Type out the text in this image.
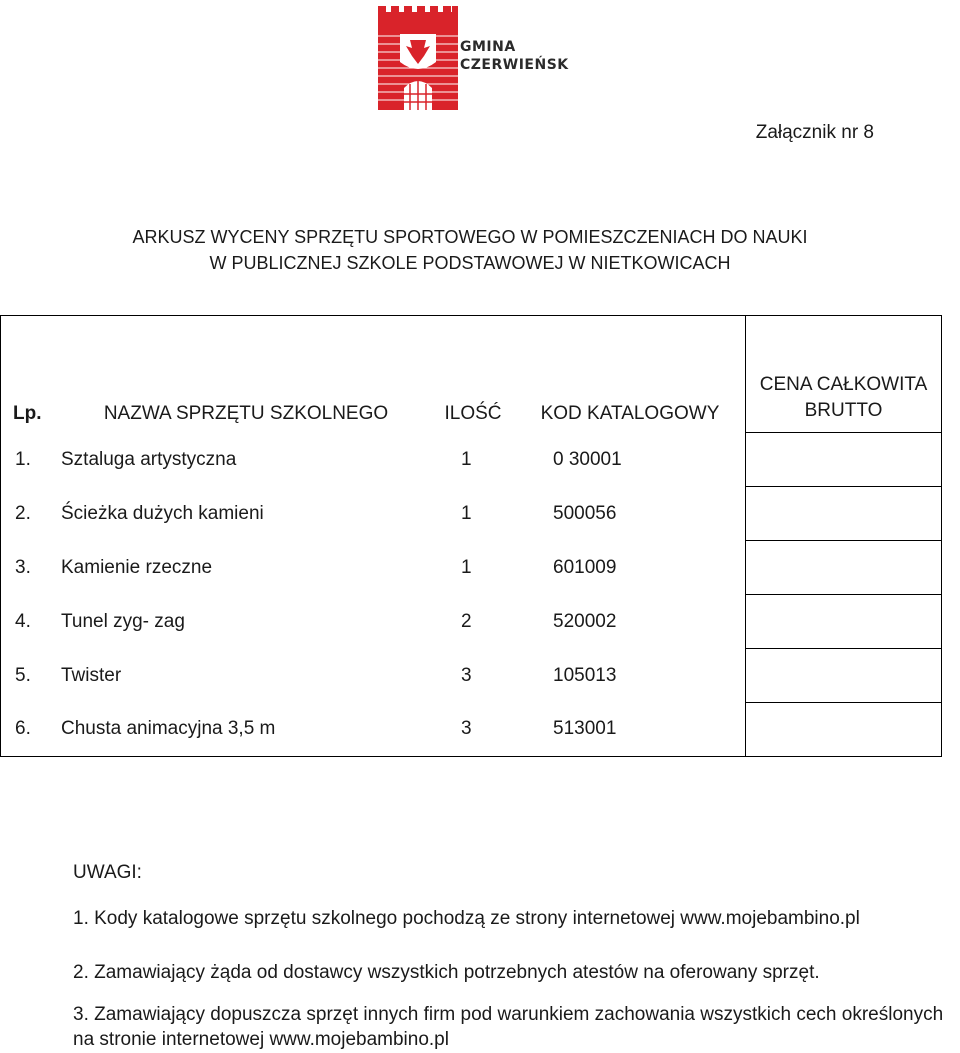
GMINA
CZERWIEŃSK
Załącznik nr 8
ARKUSZ WYCENY SPRZĘTU SPORTOWEGO W POMIESZCZENIACH DO NAUKI
W PUBLICZNEJ SZKOLE PODSTAWOWEJ W NIETKOWICACH
Lp.	NAZWA SPRZĘTU SZKOLNEGO	ILOŚĆ	KOD KATALOGOWY	CENA CAŁKOWITA
BRUTTO
1.	Sztaluga artystyczna	1	0 30001	
2.	Ścieżka dużych kamieni	1	500056	
3.	Kamienie rzeczne	1	601009	
4.	Tunel zyg- zag	2	520002	
5.	Twister	3	105013	
6.	Chusta animacyjna 3,5 m	3	513001	
UWAGI:
1. Kody katalogowe sprzętu szkolnego pochodzą ze strony internetowej www.mojebambino.pl
2. Zamawiający żąda od dostawcy wszystkich potrzebnych atestów na oferowany sprzęt.
3. Zamawiający dopuszcza sprzęt innych firm pod warunkiem zachowania wszystkich cech określonych na stronie internetowej www.mojebambino.pl
